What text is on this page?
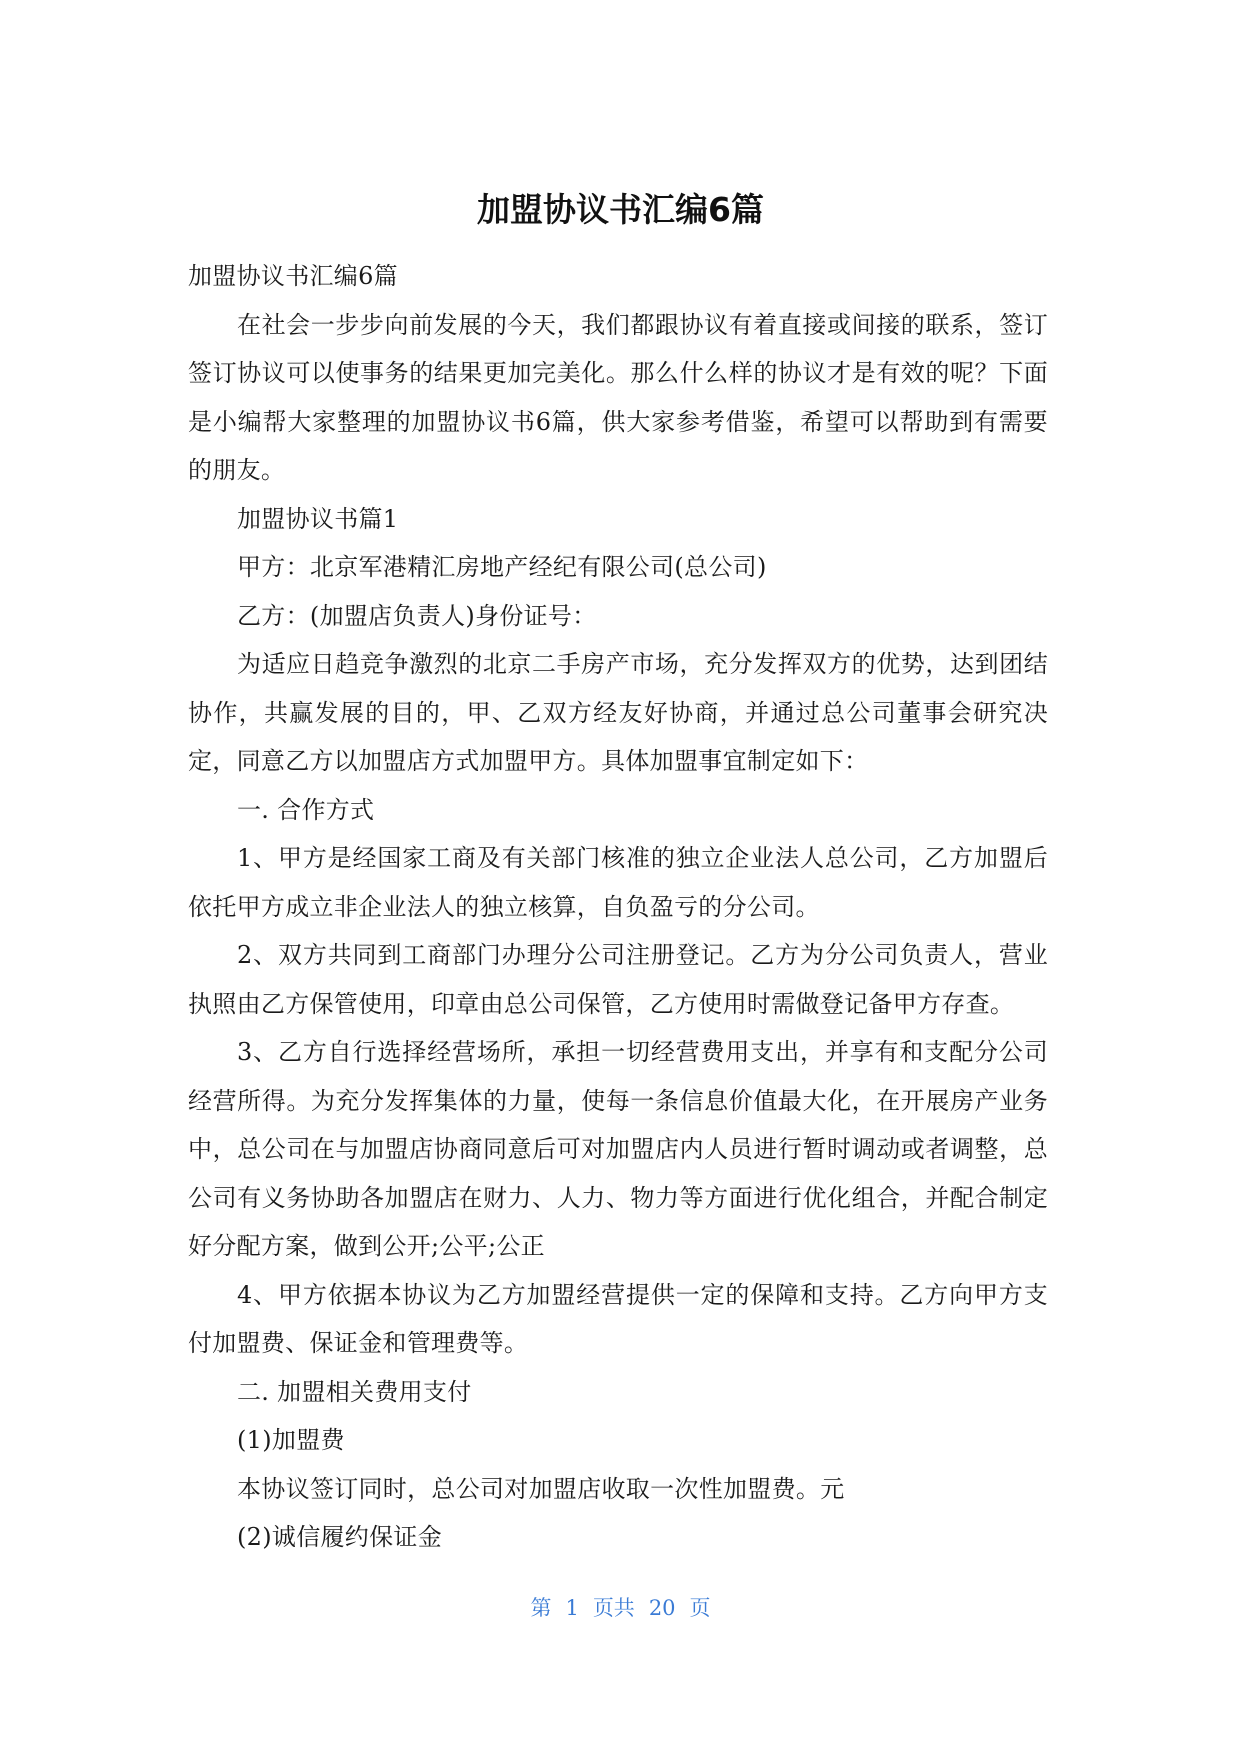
加盟协议书汇编6篇

加盟协议书汇编6篇

在社会一步步向前发展的今天，我们都跟协议有着直接或间接的联系，签订签订协议可以使事务的结果更加完美化。那么什么样的协议才是有效的呢？下面是小编帮大家整理的加盟协议书6篇，供大家参考借鉴，希望可以帮助到有需要的朋友。

加盟协议书篇1

甲方：北京军港精汇房地产经纪有限公司(总公司)

乙方：(加盟店负责人)身份证号：

为适应日趋竞争激烈的北京二手房产市场，充分发挥双方的优势，达到团结协作，共赢发展的目的，甲、乙双方经友好协商，并通过总公司董事会研究决定，同意乙方以加盟店方式加盟甲方。具体加盟事宜制定如下：

一. 合作方式

1、甲方是经国家工商及有关部门核准的独立企业法人总公司，乙方加盟后依托甲方成立非企业法人的独立核算，自负盈亏的分公司。

2、双方共同到工商部门办理分公司注册登记。乙方为分公司负责人，营业执照由乙方保管使用，印章由总公司保管，乙方使用时需做登记备甲方存查。

3、乙方自行选择经营场所，承担一切经营费用支出，并享有和支配分公司经营所得。为充分发挥集体的力量，使每一条信息价值最大化，在开展房产业务中，总公司在与加盟店协商同意后可对加盟店内人员进行暂时调动或者调整，总公司有义务协助各加盟店在财力、人力、物力等方面进行优化组合，并配合制定好分配方案，做到公开;公平;公正

4、甲方依据本协议为乙方加盟经营提供一定的保障和支持。乙方向甲方支付加盟费、保证金和管理费等。

二. 加盟相关费用支付

(1)加盟费

本协议签订同时，总公司对加盟店收取一次性加盟费。元

(2)诚信履约保证金

第 1 页共 20 页
